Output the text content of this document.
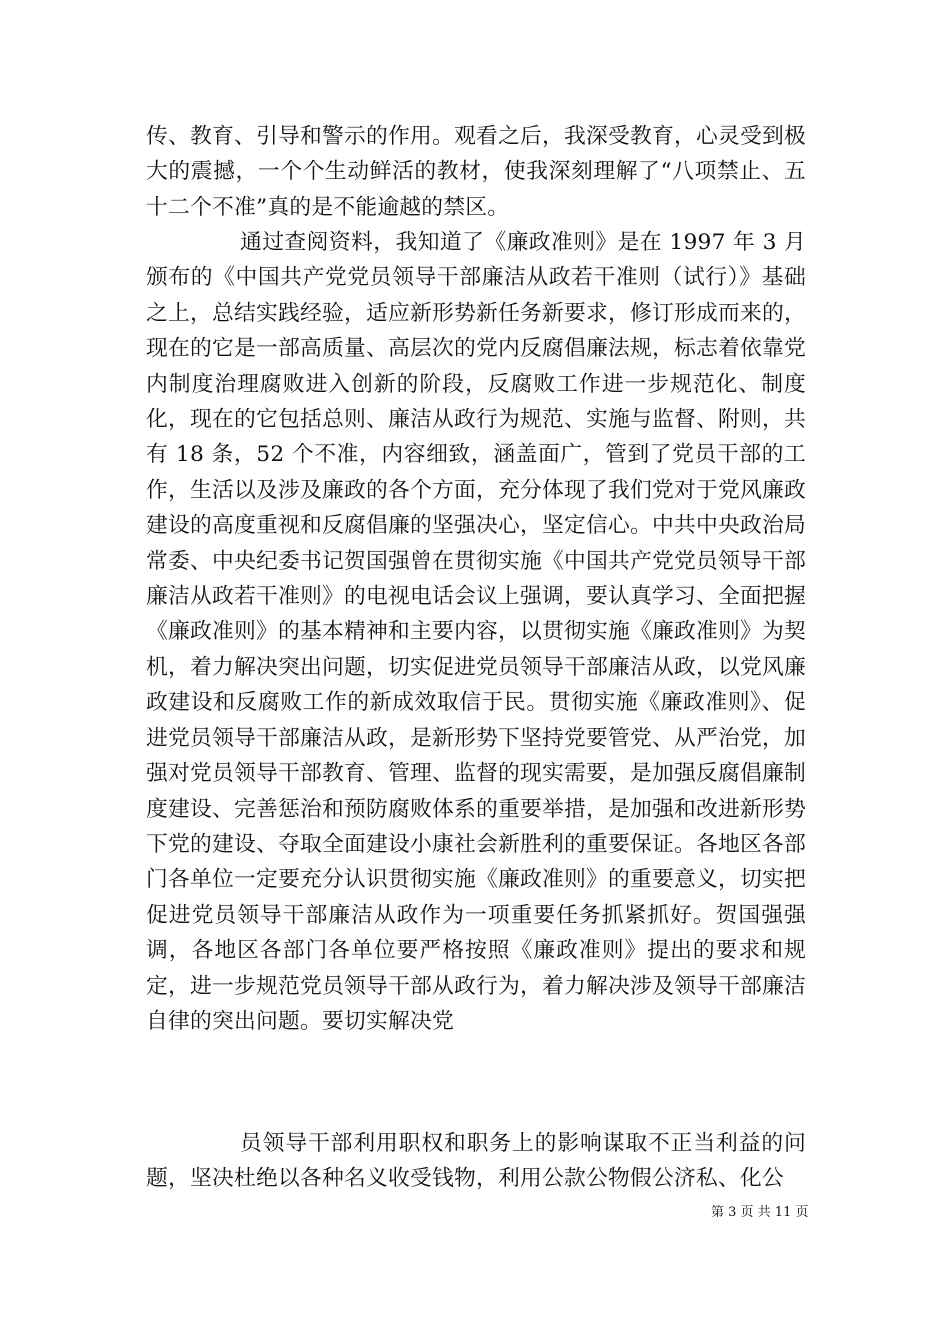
传、教育、引导和警示的作用。观看之后，我深受教育，心灵受到极大的震撼，一个个生动鲜活的教材，使我深刻理解了“八项禁止、五十二个不准”真的是不能逾越的禁区。

通过查阅资料，我知道了《廉政准则》是在 1997 年 3 月颁布的《中国共产党党员领导干部廉洁从政若干准则（试行）》基础之上，总结实践经验，适应新形势新任务新要求，修订形成而来的，现在的它是一部高质量、高层次的党内反腐倡廉法规，标志着依靠党内制度治理腐败进入创新的阶段，反腐败工作进一步规范化、制度化，现在的它包括总则、廉洁从政行为规范、实施与监督、附则，共有 18 条，52 个不准，内容细致，涵盖面广，管到了党员干部的工作，生活以及涉及廉政的各个方面，充分体现了我们党对于党风廉政建设的高度重视和反腐倡廉的坚强决心，坚定信心。中共中央政治局常委、中央纪委书记贺国强曾在贯彻实施《中国共产党党员领导干部廉洁从政若干准则》的电视电话会议上强调，要认真学习、全面把握《廉政准则》的基本精神和主要内容，以贯彻实施《廉政准则》为契机，着力解决突出问题，切实促进党员领导干部廉洁从政，以党风廉政建设和反腐败工作的新成效取信于民。贯彻实施《廉政准则》、促进党员领导干部廉洁从政，是新形势下坚持党要管党、从严治党，加强对党员领导干部教育、管理、监督的现实需要，是加强反腐倡廉制度建设、完善惩治和预防腐败体系的重要举措，是加强和改进新形势下党的建设、夺取全面建设小康社会新胜利的重要保证。各地区各部门各单位一定要充分认识贯彻实施《廉政准则》的重要意义，切实把促进党员领导干部廉洁从政作为一项重要任务抓紧抓好。贺国强强调，各地区各部门各单位要严格按照《廉政准则》提出的要求和规定，进一步规范党员领导干部从政行为，着力解决涉及领导干部廉洁自律的突出问题。要切实解决党

员领导干部利用职权和职务上的影响谋取不正当利益的问题，坚决杜绝以各种名义收受钱物，利用公款公物假公济私、化公

第 3 页 共 11 页
